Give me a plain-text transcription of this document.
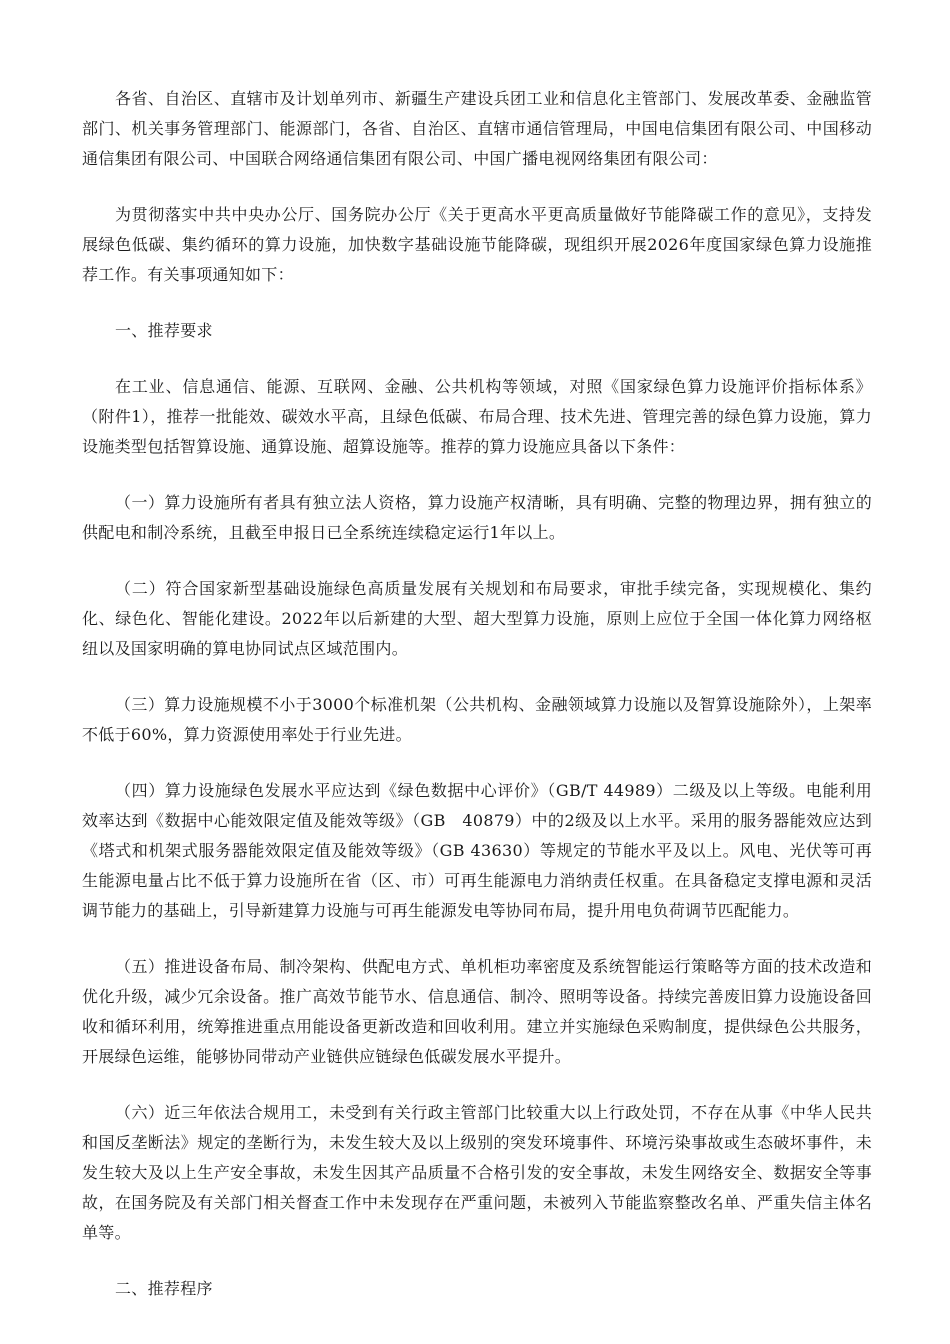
各省、自治区、直辖市及计划单列市、新疆生产建设兵团工业和信息化主管部门、发展改革委、金融监管部门、机关事务管理部门、能源部门，各省、自治区、直辖市通信管理局，中国电信集团有限公司、中国移动通信集团有限公司、中国联合网络通信集团有限公司、中国广播电视网络集团有限公司：

为贯彻落实中共中央办公厅、国务院办公厅《关于更高水平更高质量做好节能降碳工作的意见》，支持发展绿色低碳、集约循环的算力设施，加快数字基础设施节能降碳，现组织开展2026年度国家绿色算力设施推荐工作。有关事项通知如下：

一、推荐要求

在工业、信息通信、能源、互联网、金融、公共机构等领域，对照《国家绿色算力设施评价指标体系》（附件1），推荐一批能效、碳效水平高，且绿色低碳、布局合理、技术先进、管理完善的绿色算力设施，算力设施类型包括智算设施、通算设施、超算设施等。推荐的算力设施应具备以下条件：

（一）算力设施所有者具有独立法人资格，算力设施产权清晰，具有明确、完整的物理边界，拥有独立的供配电和制冷系统，且截至申报日已全系统连续稳定运行1年以上。

（二）符合国家新型基础设施绿色高质量发展有关规划和布局要求，审批手续完备，实现规模化、集约化、绿色化、智能化建设。2022年以后新建的大型、超大型算力设施，原则上应位于全国一体化算力网络枢纽以及国家明确的算电协同试点区域范围内。

（三）算力设施规模不小于3000个标准机架（公共机构、金融领域算力设施以及智算设施除外），上架率不低于60%，算力资源使用率处于行业先进。

（四）算力设施绿色发展水平应达到《绿色数据中心评价》（GB/T 44989）二级及以上等级。电能利用效率达到《数据中心能效限定值及能效等级》（GB　40879）中的2级及以上水平。采用的服务器能效应达到《塔式和机架式服务器能效限定值及能效等级》（GB 43630）等规定的节能水平及以上。风电、光伏等可再生能源电量占比不低于算力设施所在省（区、市）可再生能源电力消纳责任权重。在具备稳定支撑电源和灵活调节能力的基础上，引导新建算力设施与可再生能源发电等协同布局，提升用电负荷调节匹配能力。

（五）推进设备布局、制冷架构、供配电方式、单机柜功率密度及系统智能运行策略等方面的技术改造和优化升级，减少冗余设备。推广高效节能节水、信息通信、制冷、照明等设备。持续完善废旧算力设施设备回收和循环利用，统筹推进重点用能设备更新改造和回收利用。建立并实施绿色采购制度，提供绿色公共服务，开展绿色运维，能够协同带动产业链供应链绿色低碳发展水平提升。

（六）近三年依法合规用工，未受到有关行政主管部门比较重大以上行政处罚，不存在从事《中华人民共和国反垄断法》规定的垄断行为，未发生较大及以上级别的突发环境事件、环境污染事故或生态破坏事件，未发生较大及以上生产安全事故，未发生因其产品质量不合格引发的安全事故，未发生网络安全、数据安全等事故，在国务院及有关部门相关督查工作中未发现存在严重问题，未被列入节能监察整改名单、严重失信主体名单等。

二、推荐程序
